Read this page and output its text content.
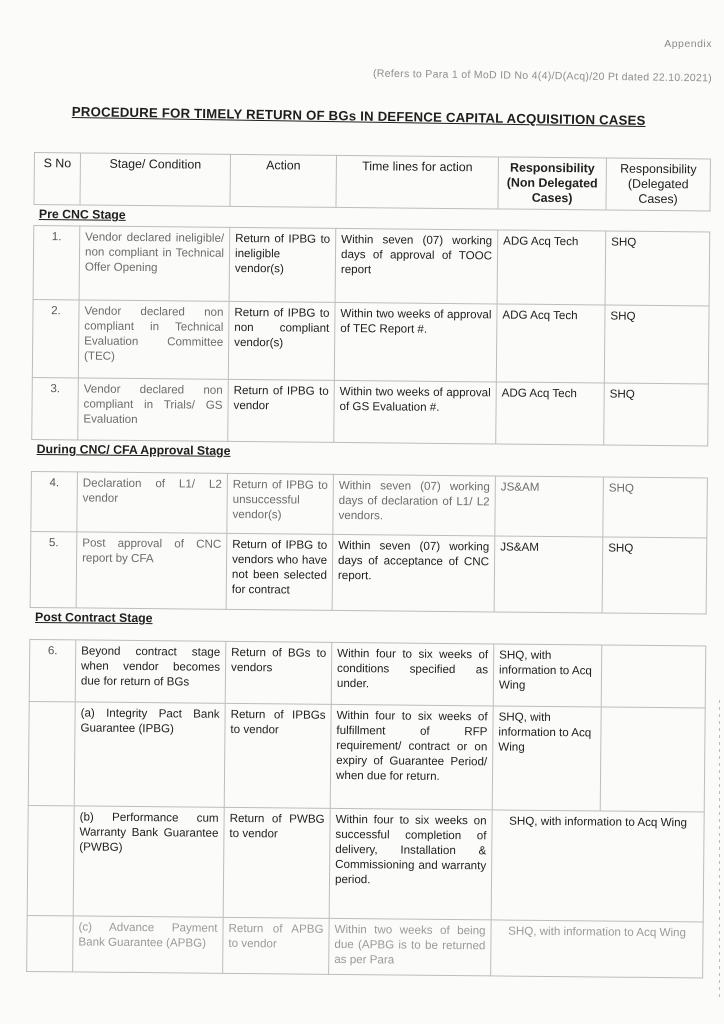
Appendix
(Refers to Para 1 of MoD ID No 4(4)/D(Acq)/20 Pt dated 22.10.2021)
PROCEDURE FOR TIMELY RETURN OF BGs IN DEFENCE CAPITAL ACQUISITION CASES
S No	Stage/ Condition	Action	Time lines for action	Responsibility (Non Delegated Cases)	Responsibility (Delegated Cases)
Pre CNC Stage					
1.	Vendor declared ineligible/ non compliant in Technical Offer Opening	Return of IPBG to ineligible vendor(s)	Within seven (07) working days of approval of TOOC report	ADG Acq Tech	SHQ
2.	Vendor declared non compliant in Technical Evaluation Committee (TEC)	Return of IPBG to non compliant vendor(s)	Within two weeks of approval of TEC Report #.	ADG Acq Tech	SHQ
3.	Vendor declared non compliant in Trials/ GS Evaluation	Return of IPBG to vendor	Within two weeks of approval of GS Evaluation #.	ADG Acq Tech	SHQ
During CNC/ CFA Approval Stage					
4.	Declaration of L1/ L2 vendor	Return of IPBG to unsuccessful vendor(s)	Within seven (07) working days of declaration of L1/ L2 vendors.	JS&AM	SHQ
5.	Post approval of CNC report by CFA	Return of IPBG to vendors who have not been selected for contract	Within seven (07) working days of acceptance of CNC report.	JS&AM	SHQ
Post Contract Stage					
6.	Beyond contract stage when vendor becomes due for return of BGs	Return of BGs to vendors	Within four to six weeks of conditions specified as under.	SHQ, with information to Acq Wing	
	(a) Integrity Pact Bank Guarantee (IPBG)	Return of IPBGs to vendor	Within four to six weeks of fulfillment of RFP requirement/ contract or on expiry of Guarantee Period/ when due for return.	SHQ, with information to Acq Wing	
	(b) Performance cum Warranty Bank Guarantee (PWBG)	Return of PWBG to vendor	Within four to six weeks on successful completion of delivery, Installation & Commissioning and warranty period.	SHQ, with information to Acq Wing	
	(c) Advance Payment Bank Guarantee (APBG)	Return of APBG to vendor	Within two weeks of being due (APBG is to be returned as per Para	SHQ, with information to Acq Wing	
